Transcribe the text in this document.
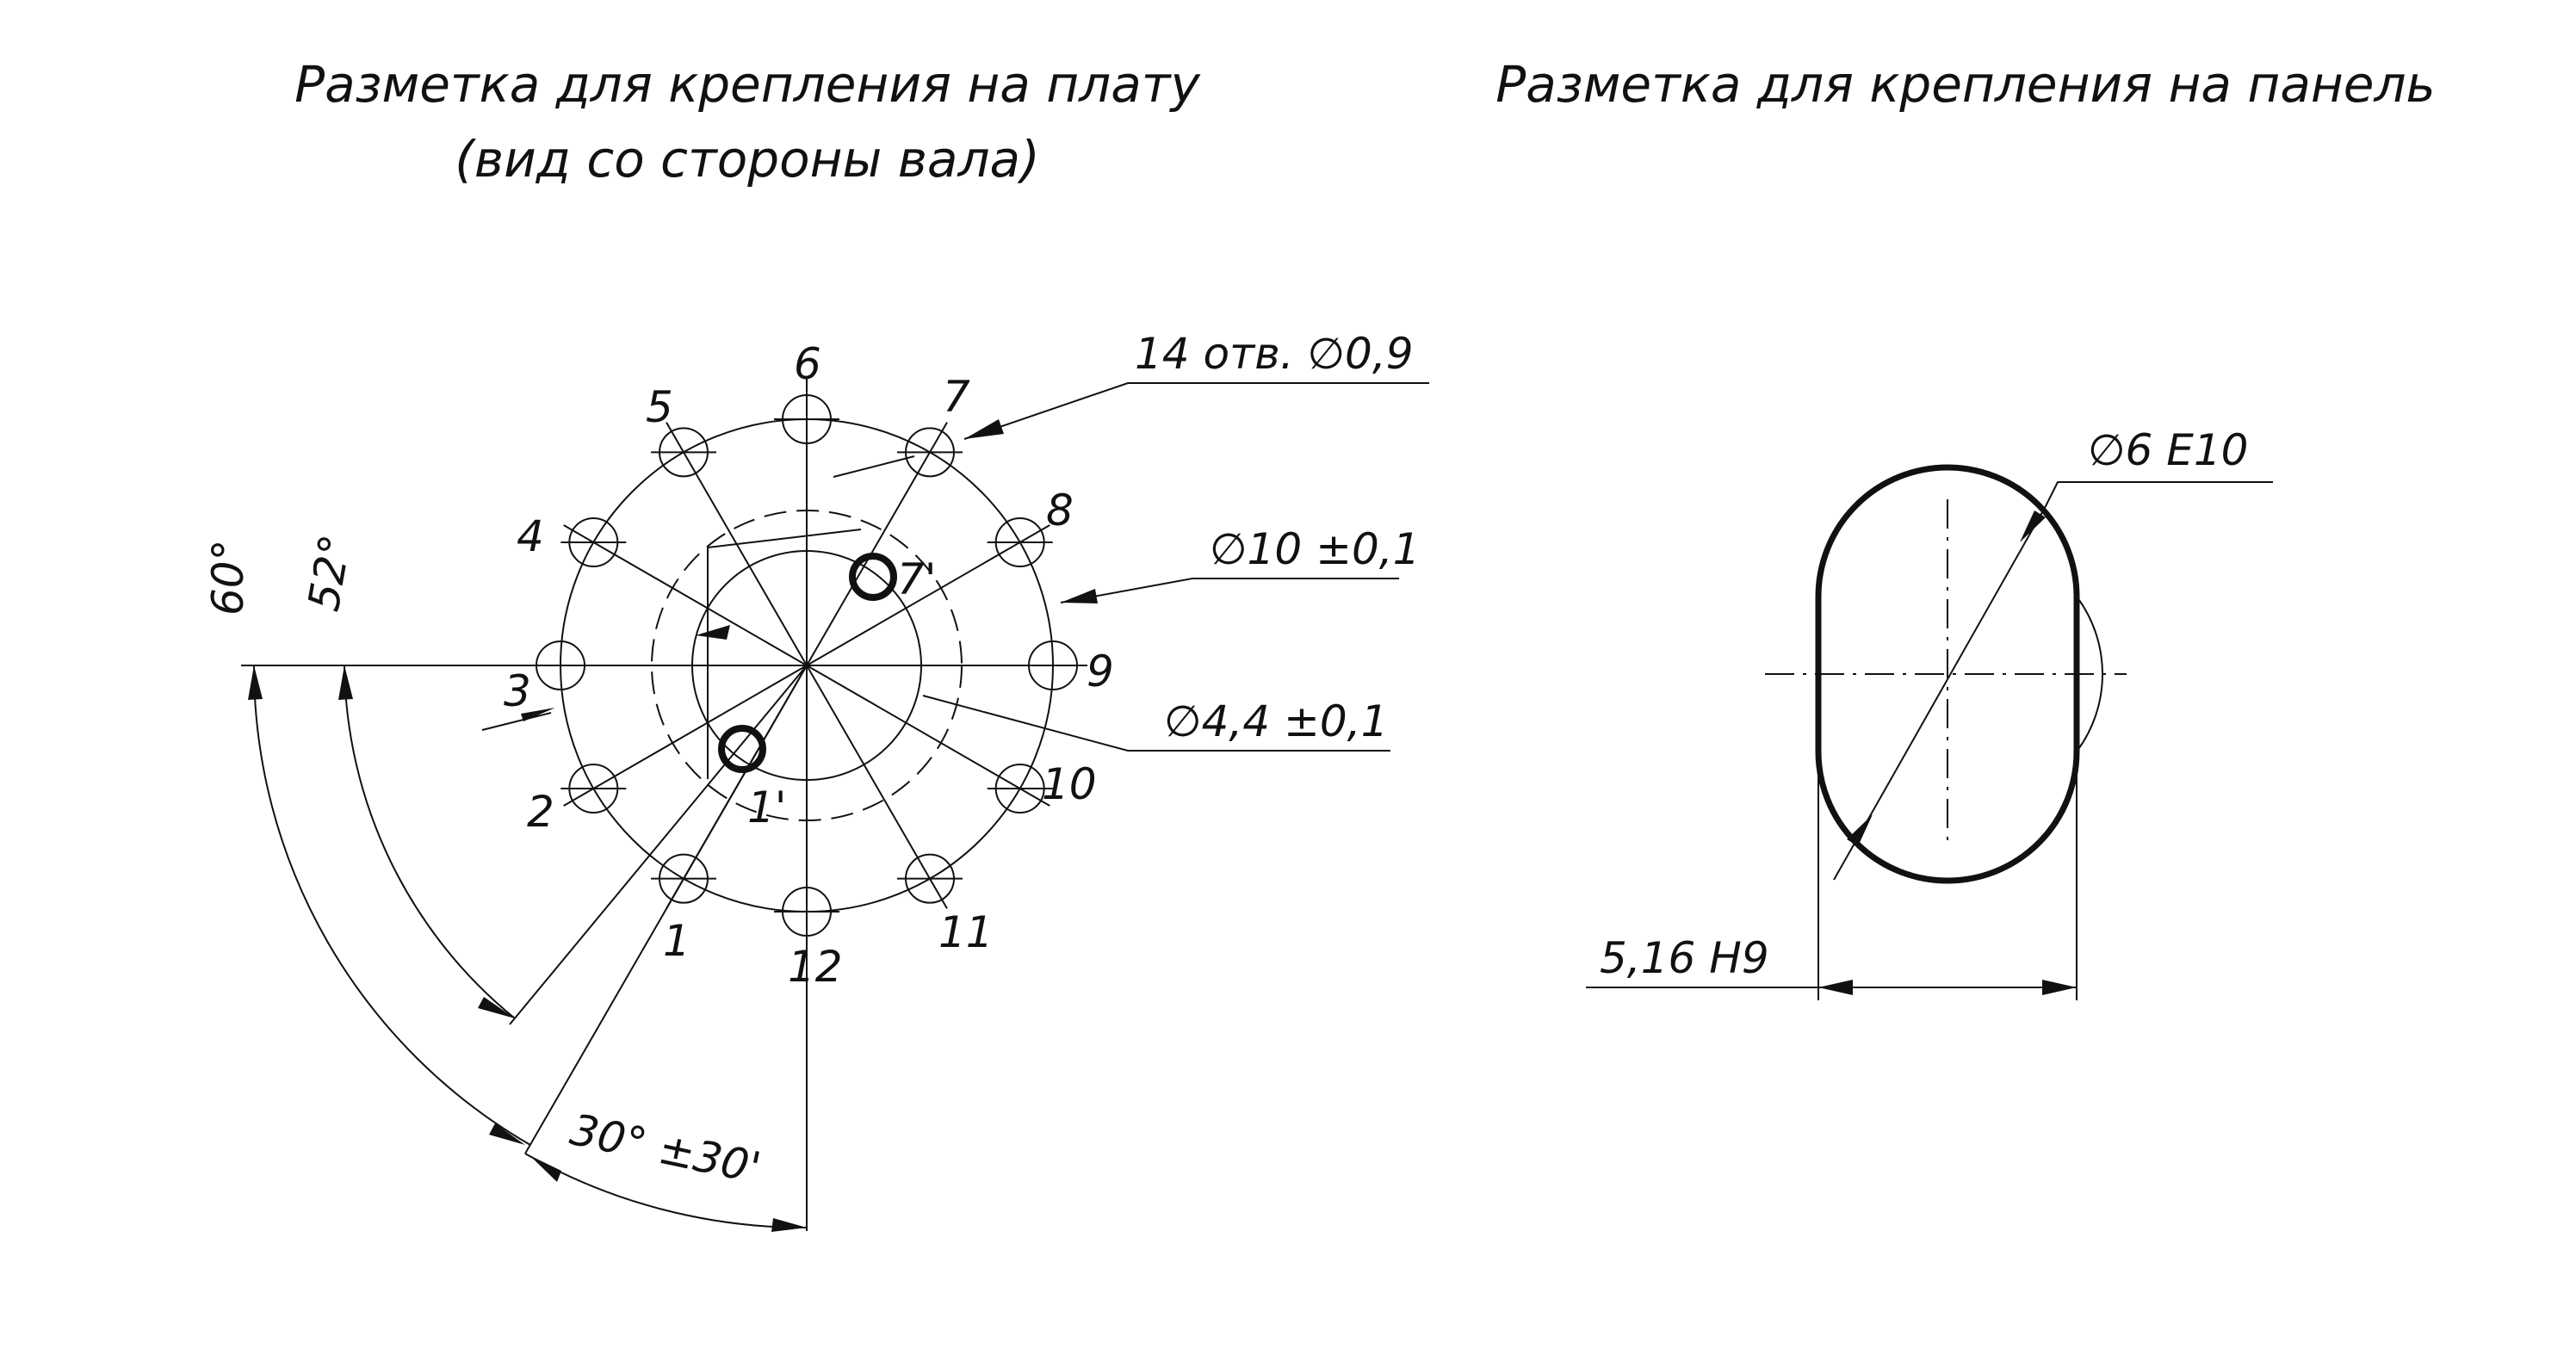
Разметка для крепления на плату
(вид со стороны вала)
Разметка для крепления на панель
1
2
3
4
5
6
7
8
9
10
11
12
1'
7'
14 отв. ∅0,9
∅10 ±0,1
∅4,4 ±0,1
60° 52°
30° ±30'
∅6 E10
5,16 H9
